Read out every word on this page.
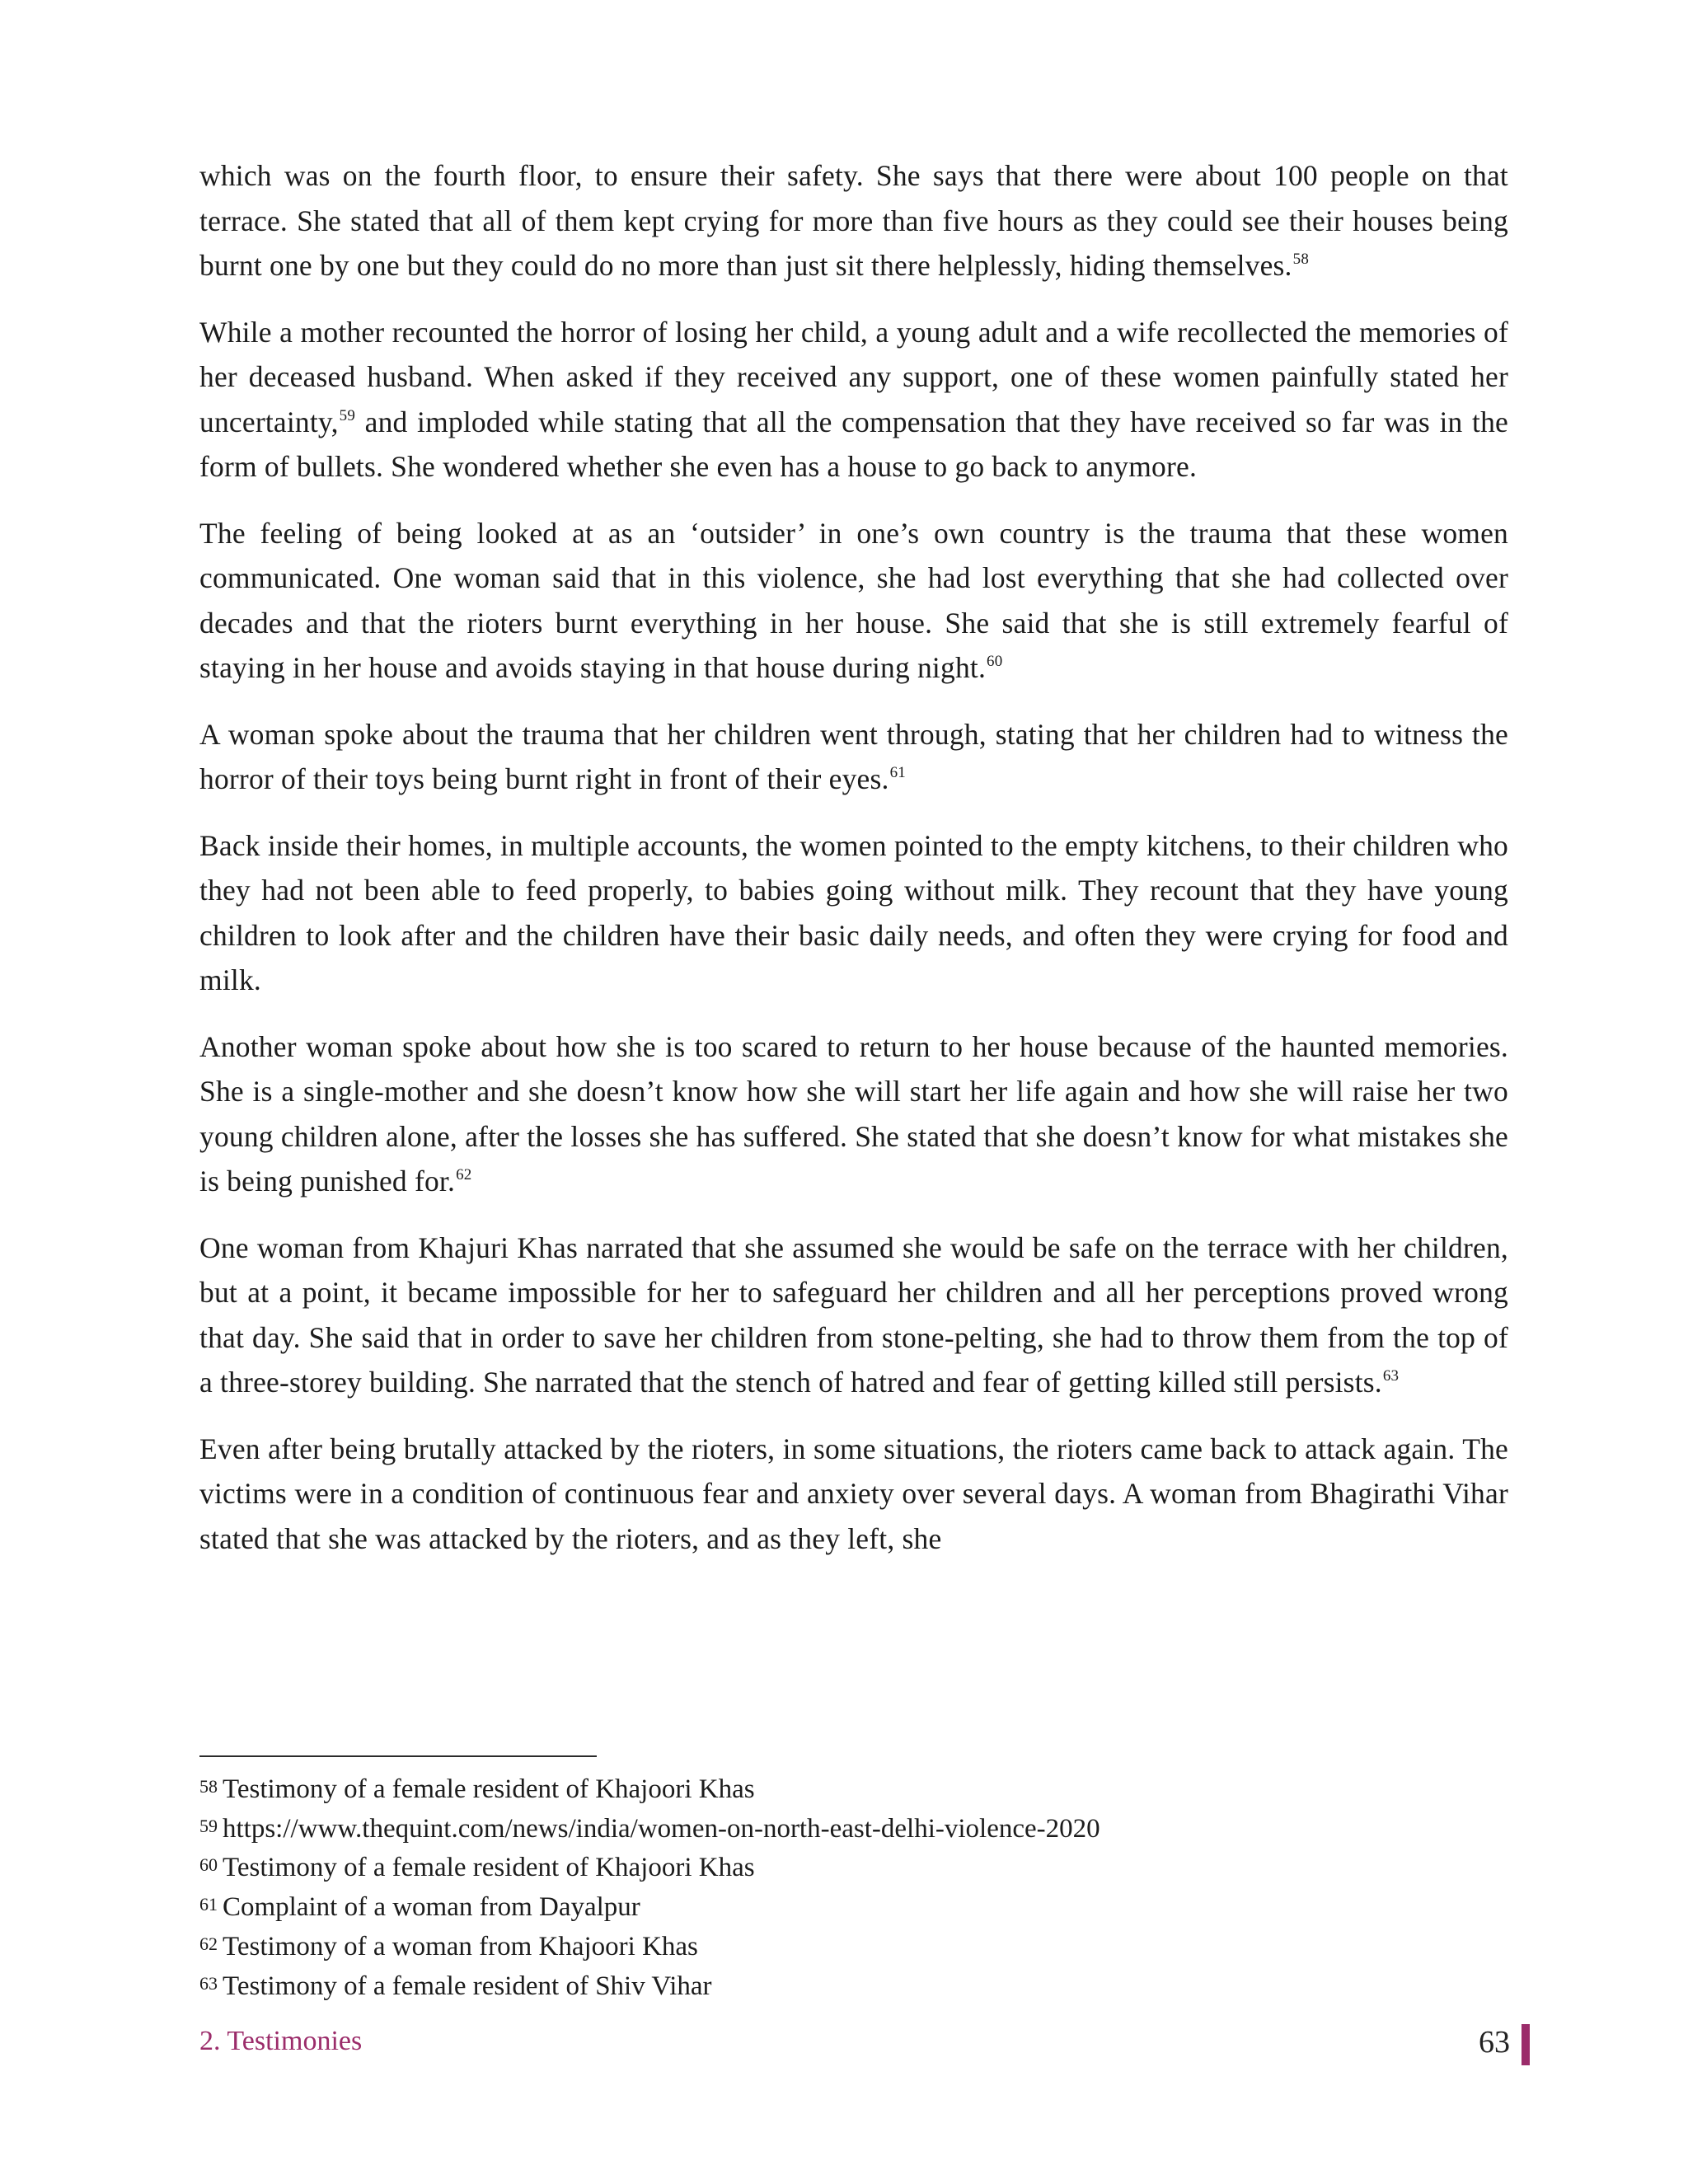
which was on the fourth floor, to ensure their safety. She says that there were about 100 people on that terrace. She stated that all of them kept crying for more than five hours as they could see their houses being burnt one by one but they could do no more than just sit there helplessly, hiding themselves.$^{58}$

While a mother recounted the horror of losing her child, a young adult and a wife recollected the memories of her deceased husband. When asked if they received any support, one of these women painfully stated her uncertainty,$^{59}$ and imploded while stating that all the compensation that they have received so far was in the form of bullets. She wondered whether she even has a house to go back to anymore.

The feeling of being looked at as an ‘outsider’ in one’s own country is the trauma that these women communicated. One woman said that in this violence, she had lost everything that she had collected over decades and that the rioters burnt everything in her house. She said that she is still extremely fearful of staying in her house and avoids staying in that house during night.$^{60}$

A woman spoke about the trauma that her children went through, stating that her children had to witness the horror of their toys being burnt right in front of their eyes.$^{61}$

Back inside their homes, in multiple accounts, the women pointed to the empty kitchens, to their children who they had not been able to feed properly, to babies going without milk. They recount that they have young children to look after and the children have their basic daily needs, and often they were crying for food and milk.

Another woman spoke about how she is too scared to return to her house because of the haunted memories. She is a single-mother and she doesn’t know how she will start her life again and how she will raise her two young children alone, after the losses she has suffered. She stated that she doesn’t know for what mistakes she is being punished for.$^{62}$

One woman from Khajuri Khas narrated that she assumed she would be safe on the terrace with her children, but at a point, it became impossible for her to safeguard her children and all her perceptions proved wrong that day. She said that in order to save her children from stone-pelting, she had to throw them from the top of a three-storey building. She narrated that the stench of hatred and fear of getting killed still persists.$^{63}$

Even after being brutally attacked by the rioters, in some situations, the rioters came back to attack again. The victims were in a condition of continuous fear and anxiety over several days. A woman from Bhagirathi Vihar stated that she was attacked by the rioters, and as they left, she

58 Testimony of a female resident of Khajoori Khas
59 https://www.thequint.com/news/india/women-on-north-east-delhi-violence-2020
60 Testimony of a female resident of Khajoori Khas
61 Complaint of a woman from Dayalpur
62 Testimony of a woman from Khajoori Khas
63 Testimony of a female resident of Shiv Vihar
2. Testimonies	63
